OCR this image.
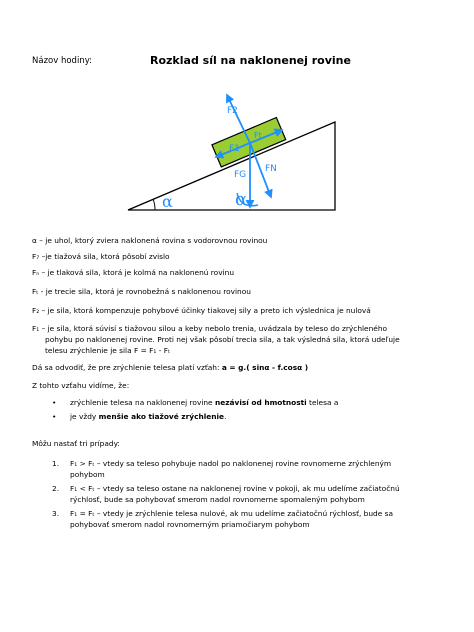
Názov hodiny:	Rozklad síl na naklonenej rovine
F2
Ft
F1
FG
FN
α	α
α – je uhol, ktorý zviera naklonená rovina s vodorovnou rovinou
F₇ –je tiažová sila, ktorá pôsobí zvislo
Fₙ – je tlaková sila, ktorá je kolmá na naklonenú rovinu
Fₜ - je trecie sila, ktorá je rovnobežná s naklonenou rovinou
F₂ – je sila, ktorá kompenzuje pohybové účinky tiakovej sily a preto ich výslednica je nulová
F₁ – je sila, ktorá súvisí s tiažovou silou a keby nebolo trenia, uvádzala by teleso do zrýchleného
pohybu po naklonenej rovine. Proti nej však pôsobí trecia sila, a tak výsledná sila, ktorá udeľuje
telesu zrýchlenie je sila F = F₁ - Fₜ
Dá sa odvodiť, že pre zrýchlenie telesa platí vzťah: a = g.( sinα - f.cosα )
Z tohto vzťahu vidíme, že:
• zrýchlenie telesa na naklonenej rovine nezávisí od hmotnosti telesa a
• je vždy menšie ako tiažové zrýchlenie.
Môžu nastať tri prípady:
1. F₁ > Fₜ – vtedy sa teleso pohybuje nadol po naklonenej rovine rovnomerne zrýchleným
pohybom
2. F₁ < Fₜ – vtedy sa teleso ostane na naklonenej rovine v pokoji, ak mu udelíme začiatočnú
rýchlosť, bude sa pohybovať smerom nadol rovnomerne spomaleným pohybom
3. F₁ = Fₜ – vtedy je zrýchlenie telesa nulové, ak mu udelíme začiatočnú rýchlosť, bude sa
pohybovať smerom nadol rovnomerným priamočiarym pohybom
